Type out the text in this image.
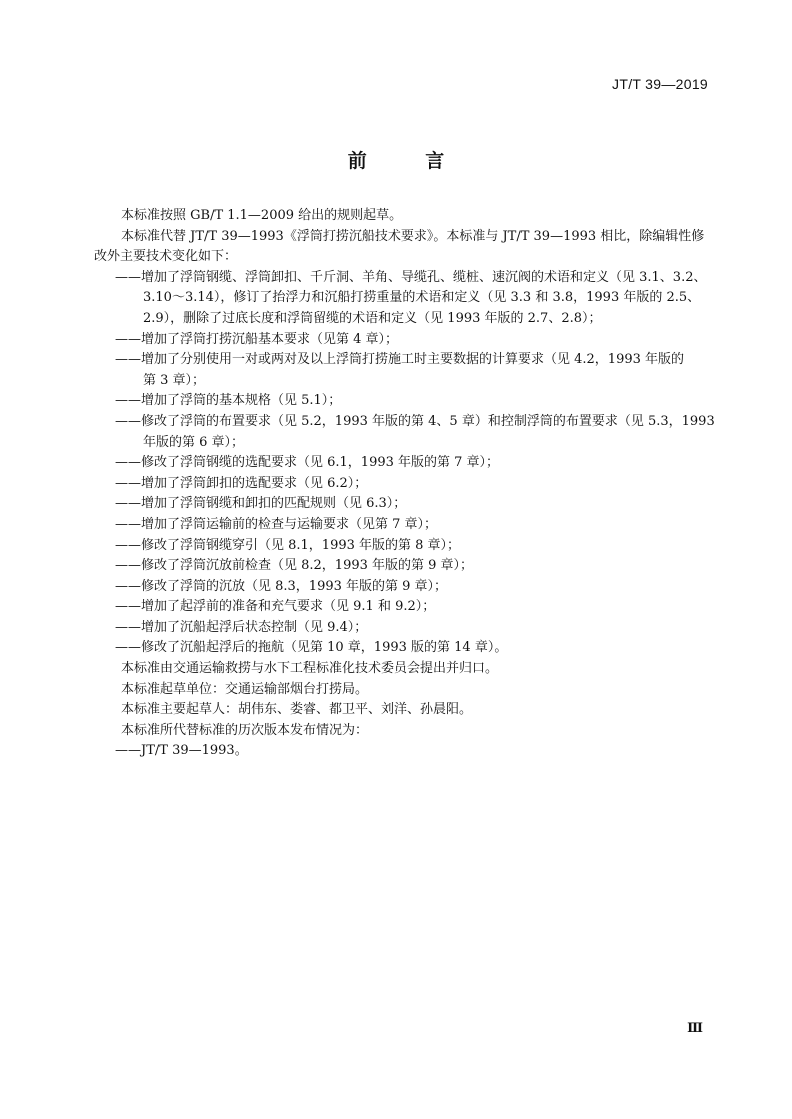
JT/T 39—2019
前 言

本标准按照 GB/T 1.1—2009 给出的规则起草。

本标准代替 JT/T 39—1993《浮筒打捞沉船技术要求》。本标准与 JT/T 39—1993 相比，除编辑性修

改外主要技术变化如下：

——增加了浮筒钢缆、浮筒卸扣、千斤洞、羊角、导缆孔、缆桩、速沉阀的术语和定义（见 3.1、3.2、

3.10～3.14），修订了抬浮力和沉船打捞重量的术语和定义（见 3.3 和 3.8，1993 年版的 2.5、

2.9），删除了过底长度和浮筒留缆的术语和定义（见 1993 年版的 2.7、2.8）；

——增加了浮筒打捞沉船基本要求（见第 4 章）；

——增加了分别使用一对或两对及以上浮筒打捞施工时主要数据的计算要求（见 4.2，1993 年版的

第 3 章）；

——增加了浮筒的基本规格（见 5.1）；

——修改了浮筒的布置要求（见 5.2，1993 年版的第 4、5 章）和控制浮筒的布置要求（见 5.3，1993

年版的第 6 章）；

——修改了浮筒钢缆的选配要求（见 6.1，1993 年版的第 7 章）；

——增加了浮筒卸扣的选配要求（见 6.2）；

——增加了浮筒钢缆和卸扣的匹配规则（见 6.3）；

——增加了浮筒运输前的检查与运输要求（见第 7 章）；

——修改了浮筒钢缆穿引（见 8.1，1993 年版的第 8 章）；

——修改了浮筒沉放前检查（见 8.2，1993 年版的第 9 章）；

——修改了浮筒的沉放（见 8.3，1993 年版的第 9 章）；

——增加了起浮前的准备和充气要求（见 9.1 和 9.2）；

——增加了沉船起浮后状态控制（见 9.4）；

——修改了沉船起浮后的拖航（见第 10 章，1993 版的第 14 章）。

本标准由交通运输救捞与水下工程标准化技术委员会提出并归口。

本标准起草单位：交通运输部烟台打捞局。

本标准主要起草人：胡伟东、娄睿、都卫平、刘洋、孙晨阳。

本标准所代替标准的历次版本发布情况为：

——JT/T 39—1993。

Ⅲ
